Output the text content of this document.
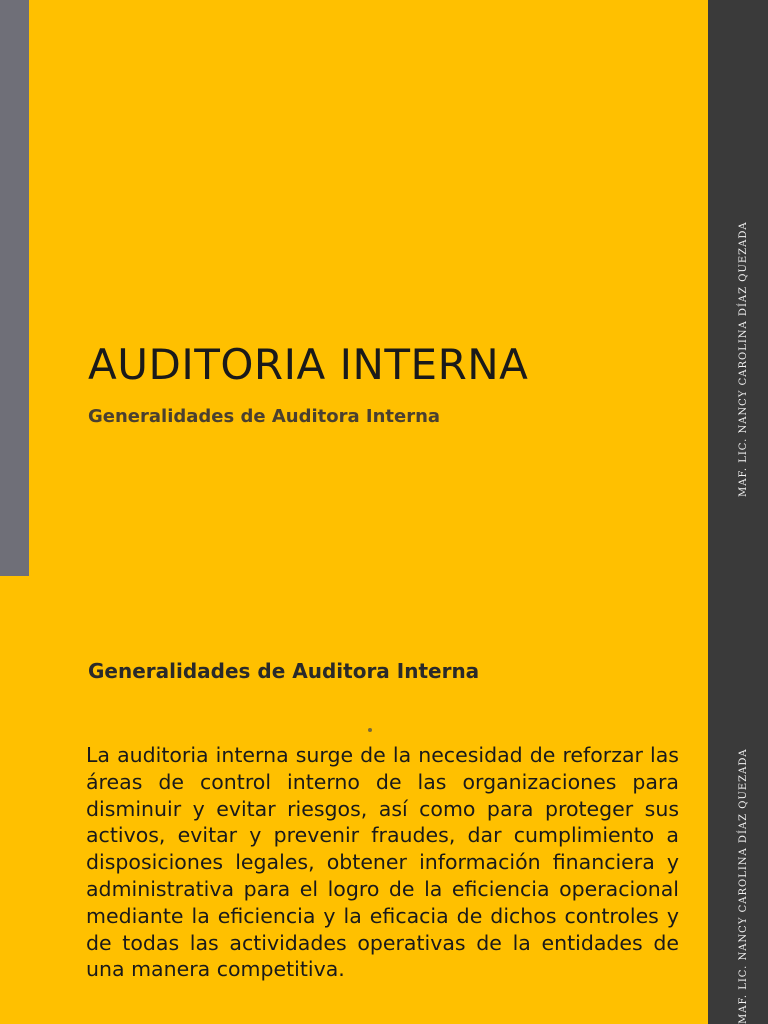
MAF. LIC. NANCY CAROLINA DÍAZ QUEZADA
MAF. LIC. NANCY CAROLINA DÍAZ QUEZADA
AUDITORIA INTERNA
Generalidades de Auditora Interna
Generalidades de Auditora Interna

La auditoria interna surge de la necesidad de reforzar las áreas de control interno de las organizaciones para disminuir y evitar riesgos, así como para proteger sus activos, evitar y prevenir fraudes, dar cumplimiento a disposiciones legales, obtener información financiera y administrativa para el logro de la eficiencia operacional mediante la eficiencia y la eficacia de dichos controles y de todas las actividades operativas de la entidades de una manera competitiva.
